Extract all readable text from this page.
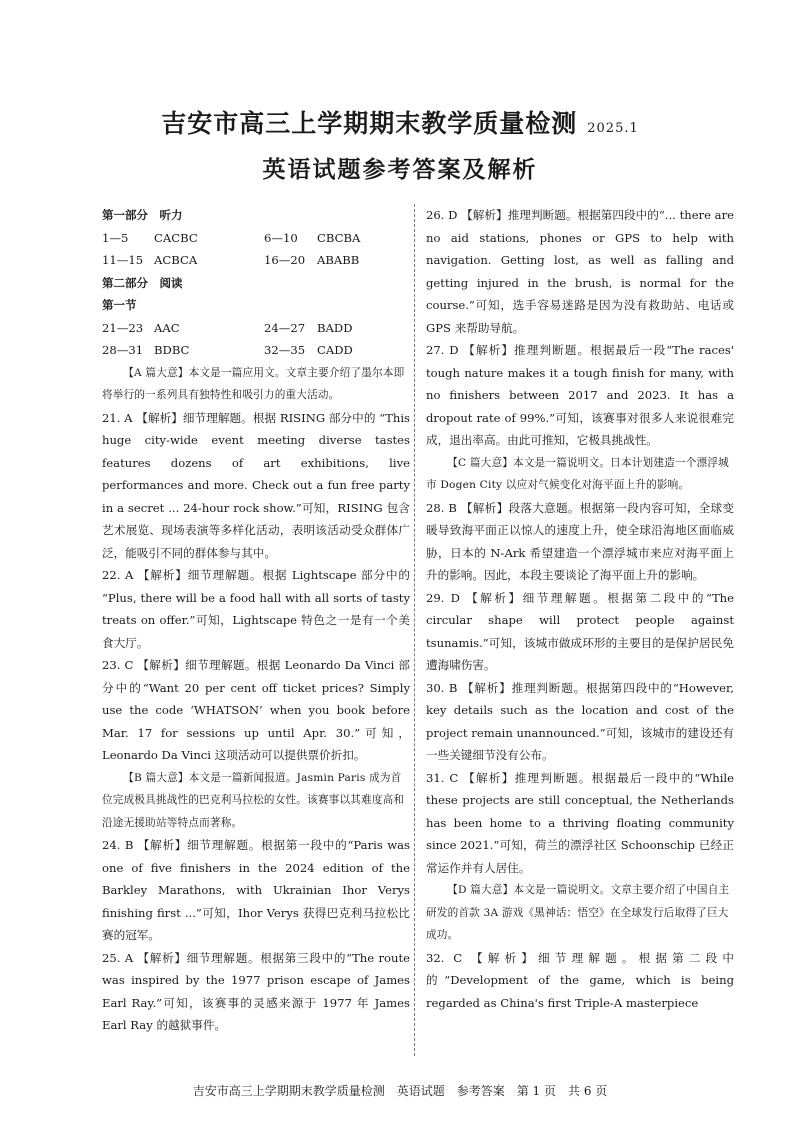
吉安市高三上学期期末教学质量检测 2025.1
英语试题参考答案及解析

第一部分　听力

1—5	CACBC	6—10	CBCBA
11—15 ACBCA	16—20	ABABB

第二部分　阅读

第一节

21—23 AAC	24—27	BADD
28—31 BDBC	32—35	CADD

【A 篇大意】本文是一篇应用文。文章主要介绍了墨尔本即将举行的一系列具有独特性和吸引力的重大活动。

21. A 【解析】细节理解题。根据 RISING 部分中的 “This huge city-wide event meeting diverse tastes features dozens of art exhibitions, live performances and more. Check out a fun free party in a secret ... 24-hour rock show.”可知，RISING 包含艺术展览、现场表演等多样化活动，表明该活动受众群体广泛，能吸引不同的群体参与其中。

22. A 【解析】细节理解题。根据 Lightscape 部分中的 “Plus, there will be a food hall with all sorts of tasty treats on offer.”可知，Lightscape 特色之一是有一个美食大厅。

23. C 【解析】细节理解题。根据 Leonardo Da Vinci 部分中的“Want 20 per cent off ticket prices? Simply use the code ‘WHATSON’ when you book before Mar. 17 for sessions up until Apr. 30.”可知，Leonardo Da Vinci 这项活动可以提供票价折扣。

【B 篇大意】本文是一篇新闻报道。Jasmin Paris 成为首位完成极具挑战性的巴克利马拉松的女性。该赛事以其难度高和沿途无援助站等特点而著称。

24. B 【解析】细节理解题。根据第一段中的“Paris was one of five finishers in the 2024 edition of the Barkley Marathons, with Ukrainian Ihor Verys finishing first ...”可知，Ihor Verys 获得巴克利马拉松比赛的冠军。

25. A 【解析】细节理解题。根据第三段中的“The route was inspired by the 1977 prison escape of James Earl Ray.”可知，该赛事的灵感来源于 1977 年 James Earl Ray 的越狱事件。

26. D 【解析】推理判断题。根据第四段中的“... there are no aid stations, phones or GPS to help with navigation. Getting lost, as well as falling and getting injured in the brush, is normal for the course.”可知，选手容易迷路是因为没有救助站、电话或 GPS 来帮助导航。

27. D 【解析】推理判断题。根据最后一段“The races' tough nature makes it a tough finish for many, with no finishers between 2017 and 2023. It has a dropout rate of 99%.”可知，该赛事对很多人来说很难完成，退出率高。由此可推知，它极具挑战性。

【C 篇大意】本文是一篇说明文。日本计划建造一个漂浮城市 Dogen City 以应对气候变化对海平面上升的影响。

28. B 【解析】段落大意题。根据第一段内容可知，全球变暖导致海平面正以惊人的速度上升，使全球沿海地区面临威胁，日本的 N-Ark 希望建造一个漂浮城市来应对海平面上升的影响。因此，本段主要谈论了海平面上升的影响。

29. D 【解析】细节理解题。根据第二段中的“The circular shape will protect people against tsunamis.”可知，该城市做成环形的主要目的是保护居民免遭海啸伤害。

30. B 【解析】推理判断题。根据第四段中的“However, key details such as the location and cost of the project remain unannounced.”可知，该城市的建设还有一些关键细节没有公布。

31. C 【解析】推理判断题。根据最后一段中的“While these projects are still conceptual, the Netherlands has been home to a thriving floating community since 2021.”可知，荷兰的漂浮社区 Schoonschip 已经正常运作并有人居住。

【D 篇大意】本文是一篇说明文。文章主要介绍了中国自主研发的首款 3A 游戏《黑神话：悟空》在全球发行后取得了巨大成功。

32. C 【解析】细节理解题。根据第二段中的“Development of the game, which is being regarded as China's first Triple-A masterpiece

吉安市高三上学期期末教学质量检测　英语试题　参考答案　第 1 页　共 6 页
